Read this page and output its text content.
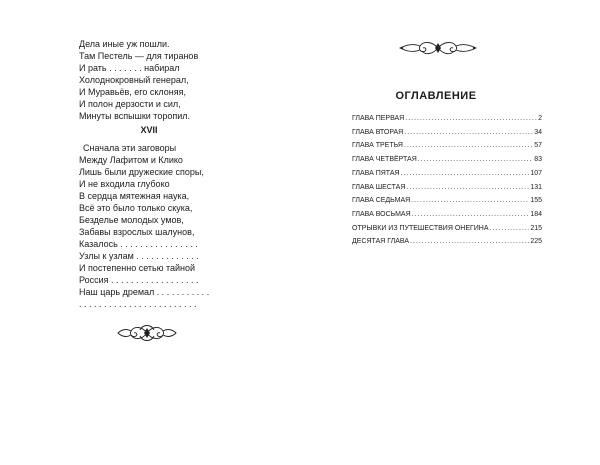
Дела иные уж пошли.
Там Пестель — для тиранов
И рать . . . . . . . набирал
Холоднокровный генерал,
И Муравьёв, его склоняя,
И полон дерзости и сил,
Минуты вспышки торопил.
XVII
Сначала эти заговоры
Между Лафитом и Клико
Лишь были дружеские споры,
И не входила глубоко
В сердца мятежная наука,
Всё это было только скука,
Безделье молодых умов,
Забавы взрослых шалунов,
Казалось . . . . . . . . . . . . . . . .
Узлы к узлам . . . . . . . . . . . . .
И постепенно сетью тайной
Россия . . . . . . . . . . . . . . . . . .
Наш царь дремал . . . . . . . . . . .
. . . . . . . . . . . . . . . . . . . . . . . .
ОГЛАВЛЕНИЕ
ГЛАВА ПЕРВАЯ .....	2
ГЛАВА ВТОРАЯ .....	34
ГЛАВА ТРЕТЬЯ .....	57
ГЛАВА ЧЕТВЁРТАЯ .....	83
ГЛАВА ПЯТАЯ .....	107
ГЛАВА ШЕСТАЯ .....	131
ГЛАВА СЕДЬМАЯ .....	155
ГЛАВА ВОСЬМАЯ .....	184
ОТРЫВКИ ИЗ ПУТЕШЕСТВИЯ ОНЕГИНА .....	215
ДЕСЯТАЯ ГЛАВА .....	225
